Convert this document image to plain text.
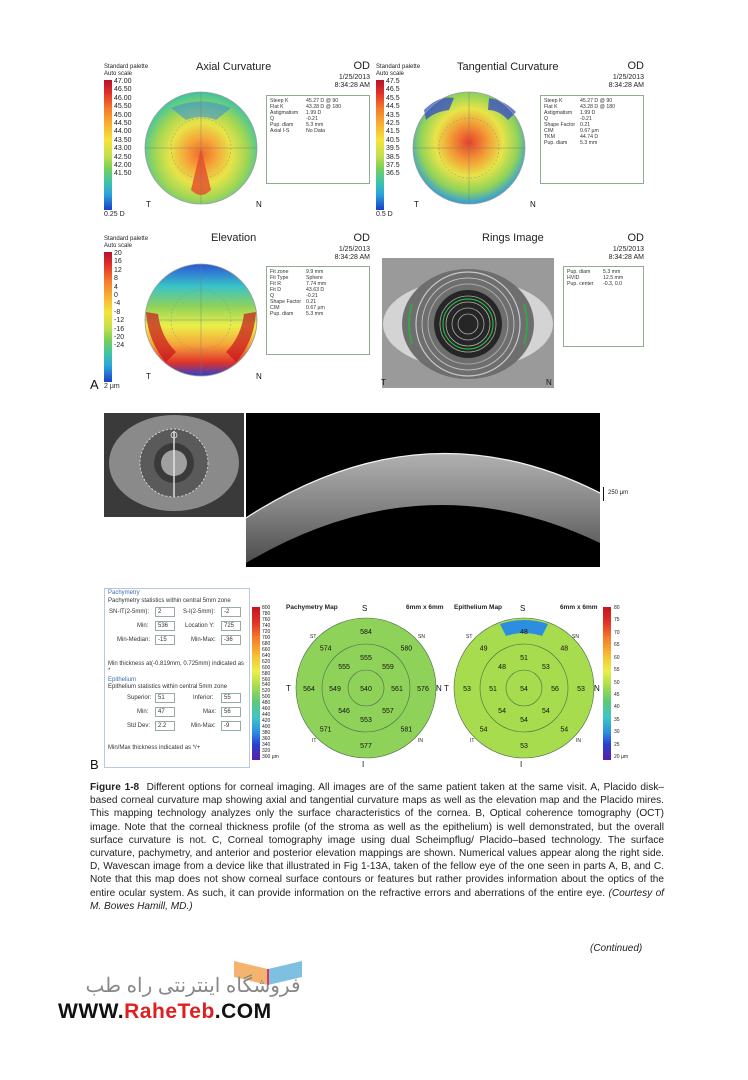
Standard palette
Auto scale
Axial Curvature	OD
1/25/2013
8:34:28 AM
47.00
46.50
46.00
45.50
45.00
44.50
44.00
43.50
43.00
42.50
42.00
41.50
0.25 D
T	N
Steep K	45.27 D @ 90
Flat K	43.28 D @ 180
Astigmatism	1.99 D
Q	-0.21
Pup. diam	5.3 mm
Axial I-S	No Data
Standard palette
Auto scale
Tangential Curvature	OD
1/25/2013
8:34:28 AM
47.5
46.5
45.5
44.5
43.5
42.5
41.5
40.5
39.5
38.5
37.5
36.5
0.5 D
T	N
Steep K	45.27 D @ 90
Flat K	43.28 D @ 180
Astigmatism	1.99 D
Q	-0.21
Shape Factor 0.21
CIM	0.67 µm
TKM	44.74 D
Pup. diam	5.3 mm
Standard palette
Auto scale
Elevation	OD
1/25/2013
8:34:28 AM
20
16
12
8
4
0
-4
-8
-12
-16
-20
-24
2 µm
T	N
Fit zone	9.9 mm
Fit Type	Sphere
Fit R	7.74 mm
Fit D	43.63 D
Q	-0.21
Shape Factor 0.21
CIM	0.67 µm
Pup. diam	5.3 mm
Rings Image	OD
1/25/2013
8:34:28 AM
T	N
Pup. diam	5.3 mm
HVID	12.5 mm
Pup. center	-0.3, 0.0
A
250 µm
Pachymetry
Pachymetry statistics within central 5mm zone
SN-IT(2-5mm):	2	S-I(2-5mm):	-2
Min:	536	Location Y:	725
Min-Median:	-15	Min-Max:	-36
Min thickness at(-0.819mm, 0.725mm) indicated as *
Epithelium
Epithelium statistics within central 5mm zone
Superior:	51	Inferior:	55
Min:	47	Max:	56
Std Dev:	2.2	Min-Max:	-9
Min/Max thickness indicated as */+
800
780
760
740
720
700
680
660
640
620
600
580
560
540
520
500
480
460
440
420
400
380
360
340
320
300 µm
Pachymetry Map	6mm x 6mm
540
555
559
561
557
553
546
549
555
584
580
576
581
577
571
564
574
S
I
T	N
ST	SN
IT	IN
Epithelium Map	6mm x 6mm
54
51
53
56
54
54
54
51
48
48
48
53
54
53
54
53
49
S
I
T	N
ST	SN
IT	IN
80
75
70
65
60
55
50
45
40
35
30
25
20 µm
B
Figure 1-8 Different options for corneal imaging. All images are of the same patient taken at the same visit. A, Placido disk–based corneal curvature map showing axial and tangential curvature maps as well as the elevation map and the Placido mires. This mapping technology analyzes only the surface characteristics of the cornea. B, Optical coherence tomography (OCT) image. Note that the corneal thickness profile (of the stroma as well as the epithelium) is well demonstrated, but the overall surface curvature is not. C, Corneal tomography image using dual Scheimpflug/ Placido–based technology. The surface curvature, pachymetry, and anterior and posterior elevation mappings are shown. Numerical values appear along the right side. D, Wavescan image from a device like that illustrated in Fig 1-13A, taken of the fellow eye of the one seen in parts A, B, and C. Note that this map does not show corneal surface contours or features but rather provides information about the optics of the entire ocular system. As such, it can provide information on the refractive errors and aberrations of the entire eye. (Courtesy of M. Bowes Hamill, MD.)
(Continued)
فروشگاه اینترنتی راه طب
WWW.RaheTeb.COM
